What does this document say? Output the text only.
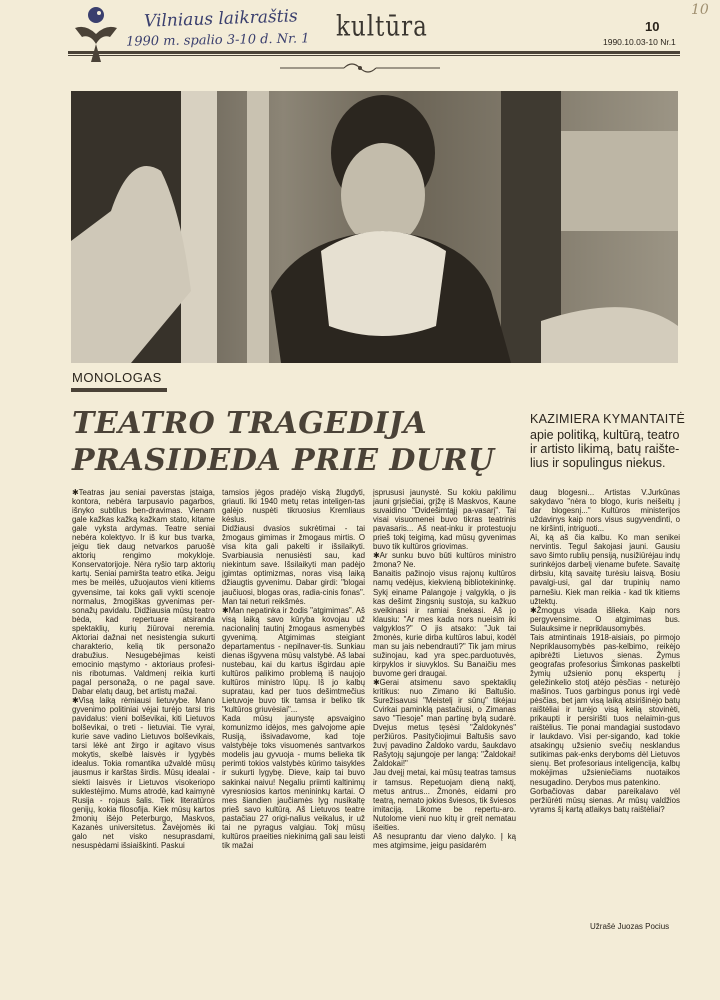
Vilniaus laikraštis
1990 m. spalio 3-10 d. Nr. 1 kultūra	10
1990.10.03-10 Nr.1
10
MONOLOGAS
TEATRO TRAGEDIJA
PRASIDEDA PRIE DURŲ
KAZIMIERA KYMANTAITĖ
apie politiką, kultūrą, teatro ir artisto likimą, batų raište-lius ir sopulingus niekus.
✱Teatras jau seniai paverstas įstaiga, kontora, nebėra tarpusavio pagarbos, išnyko subtilus ben-dravimas. Vienam gale kažkas kažką kažkam stato, kitame gale vyksta ardymas. Teatre seniai nebėra kolektyvo. Ir iš kur bus tvarka, jeigu tiek daug netvarkos paruošė aktorių rengimo mokykloje. Konservatorijoje. Nėra ryšio tarp aktorių kartų. Seniai pamiršta teatro etika. Jeigu mes be meilės, užuojautos vieni kitiems gyvensime, tai koks gali vykti scenoje normalus, žmogiškas gyvenimas per-sonažų pavidalu. Didžiausia mūsų teatro bėda, kad repertuare atsiranda spektaklių, kurių žiūrovai neremia. Aktoriai dažnai net nesistengia sukurti charakterio, kelią tik personažo drabužius. Nesugebėjimas keisti emocinio mąstymo - aktoriaus profesi-nis ribotumas. Valdmenį reikia kurti pagal personažą, o ne pagal save. Dabar elatų daug, bet artistų mažai.
✱Visą laiką rėmiausi lietuvybe. Mano gyvenimo politiniai vėjai turėjo tarsi tris pavidalus: vieni bolševikai, kiti Lietuvos bolševikai, o treti - lietuviai. Tie vyrai, kurie save vadino Lietuvos bolševikais, tarsi lėkė ant žirgo ir agitavo visus mokytis, skelbė laisvės ir lygybės idealus. Tokia romantika užvaldė mūsų jausmus ir karštas širdis. Mūsų idealai - siekti laisvės ir Lietuvos visokeriopo suklestėjimo. Mums atrodė, kad kaimynė Rusija - rojaus šalis. Tiek literatūros genijų, kokia filosofija. Kiek mūsų kartos žmonių išėjo Peterburgo, Maskvos, Kazanės universitetus. Žavėjomės iki galo net visko nesuprasdami, nesuspėdami išsiaiškinti. Paskui
tamsios jėgos pradėjo viską žlugdyti, griauti. Iki 1940 metų retas inteligen-tas galėjo nuspėti tikruosius Kremliaus kėslus.
Didžiausi dvasios sukrėtimai - tai žmogaus gimimas ir žmogaus mirtis. O visa kita gali pakelti ir išsilaikyti. Svarbiausia nenusiėsti sau, kad niekintum save. Išsilaikyti man padėjo įgimtas optimizmas, noras visą laiką džiaugtis gyvenimu. Dabar girdi: "blogai jaučiuosi, blogas oras, radia-cinis fonas". Man tai neturi reikšmės.
✱Man nepatinka ir žodis "atgimimas". Aš visą laiką savo kūryba kovojau už nacionalinį tautinį žmogaus asmenybės gyvenimą. Atgimimas steigiant departamentus - nepilnaver-tis. Sunkiau dienas išgyvena mūsų valstybė. Aš labai nustebau, kai du kartus išgirdau apie kultūros palikimo problemą iš naujojo kultūros ministro lūpų. Iš jo kalbų supratau, kad per tuos dešimtmečius Lietuvoje buvo tik tamsa ir beliko tik "kultūros griuvėsiai"...
Kada mūsų jaunystę apsvaigino komunizmo idėjos, mes galvojome apie Rusiją, išsivadavome, kad toje valstybėje toks visuomenės santvarkos modelis jau gyvuoja - mums belieka tik perimti tokios valstybės kūrimo taisykles ir sukurti lygybę. Dieve, kaip tai buvo sakinkai naivu! Negaliu priimti kaltinimų vyresniosios kartos menininkų kartai. O mes šiandien jaučiamės lyg nusikaltę prieš savo kultūrą. Aš Lietuvos teatre pastačiau 27 origi-nalius veikalus, ir už tai ne pyragus valgiau. Tokį mūsų kultūros praeities niekinimą gali sau leisti tik mažai
įsprususi jaunystė. Su kokiu pakilimu jauni grįsiečiai, grįžę iš Maskvos, Kaune suvaidino "Dvidešimtąjį pa-vasarį". Tai visai visuomenei buvo tikras teatrinis pavasaris... Aš neat-inku ir protestuoju prieš tokį teigimą, kad mūsų gyvenimas buvo tik kultūros griovimas.
✱Ar sunku buvo būti kultūros ministro žmona? Ne.
Banaitis pažinojo visus rajonų kultūros namų vedėjus, kiekvieną bibliotekininkę. Sykį einame Palangoje į valgyklą, o jis kas dešimt žingsnių sustoja, su kažkuo sveikinasi ir ramiai šnekasi. Aš jo klausiu: "Ar mes kada nors nueisim iki valgyklos?" O jis atsako: "Juk tai žmonės, kurie dirba kultūros labui, kodėl man su jais nebendrauti?" Tik jam mirus sužinojau, kad yra spec.parduotuvės, kirpyklos ir siuvyklos. Su Banaičiu mes buvome geri draugai.
✱Gerai atsimenu savo spektaklių kritikus: nuo Zimano iki Baltušio. Surežisavusi "Meistelį ir sūnų" tikėjau Cvirkai paminklą pastačiusi, o Zimanas savo "Tiesoje" man partinę bylą sudarė. Dvejus metus tęsėsi "Žaldokynės" peržiūros. Pasityčiojimui Baltušis savo žuvį pavadino Žaldoko vardu, šaukdavo Rašytojų sąjungoje per langą: "Žaldokai! Žaldokai!"
Jau dvejį metai, kai mūsų teatras tamsus ir tamsus. Repetuojam dieną naktį, metus antrus... Žmonės, eidami pro teatrą, nemato jokios šviesos, tik šviesos imitaciją. Likome be repertu-aro. Nutolome vieni nuo kitų ir greit nematau išeities.
Aš nesuprantu dar vieno dalyko. Į ką mes atgimsime, jeigu pasidarėm
daug blogesni... Artistas V.Jurkūnas sakydavo "nėra to blogo, kuris neišeitų į dar blogesnį..." Kultūros ministerijos uždavinys kaip nors visus sugyvendinti, o ne kiršinti, intriguoti...
Ai, ką aš čia kalbu. Ko man senikei nervintis. Tegul šakojasi jauni. Gausiu savo šimto rublių pensiją, nusižiūrėjau indų surinkėjos darbelį viename bufete. Savaitę dirbsiu, kitą savaitę turėsiu laisvą. Bosiu pavalgi-usi, gal dar trupinių namo parnešiu. Kiek man reikia - kad tik kitiems užtektų.
✱Žmogus visada išlieka. Kaip nors pergyvensime. O atgimimas bus. Sulauksime ir nepriklausomybės.
Tais atmintinais 1918-aisiais, po pirmojo Nepriklausomybės pas-kelbimo, reikėjo apibrėžti Lietuvos sienas. Žymus geografas profesorius Šimkonas paskelbti žymių užsienio ponų ekspertų į geležinkelio stotį atėjo pėsčias - neturėjo mašinos. Tuos garbingus ponus irgi vedė pėsčias, bet jam visą laiką atsirišinėjo batų raištėliai ir turėjo visą kelią stovinėti, prikaupti ir persirišti tuos nelaimin-gus raištėlius. Tie ponai mandagiai sustodavo ir laukdavo. Visi per-sigando, kad tokie atsakingų užsienio svečių nesklandus sutikimas pak-enks deryboms dėl Lietuvos sienų. Bet profesoriaus inteligencija, kalbų mokėjimas užsieniečiams nuotaikos nesugadino. Derybos mus patenkino.
Gorbačiovas dabar pareikalavo vėl peržiūrėti mūsų sienas. Ar mūsų valdžios vyrams šį kartą atlaikys batų raištėliai?
Užrašė Juozas Pocius
